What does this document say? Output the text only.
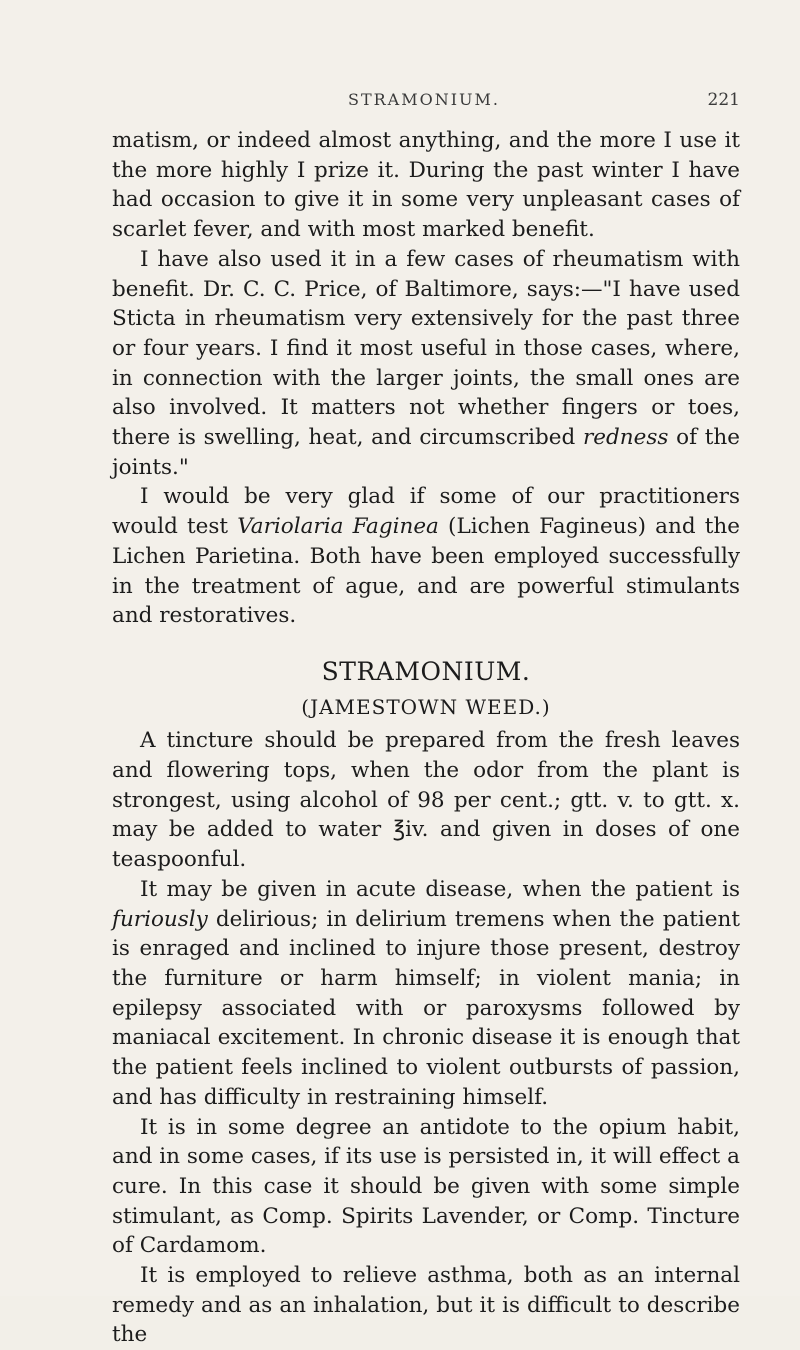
STRAMONIUM.	221

matism, or indeed almost anything, and the more I use it the more highly I prize it. During the past winter I have had occasion to give it in some very unpleasant cases of scarlet fever, and with most marked benefit.

I have also used it in a few cases of rheumatism with benefit. Dr. C. C. Price, of Baltimore, says:—"I have used Sticta in rheumatism very extensively for the past three or four years. I find it most useful in those cases, where, in connection with the larger joints, the small ones are also involved. It matters not whether fingers or toes, there is swelling, heat, and circumscribed redness of the joints."

I would be very glad if some of our practitioners would test Variolaria Faginea (Lichen Fagineus) and the Lichen Parietina. Both have been employed successfully in the treatment of ague, and are powerful stimulants and restoratives.

STRAMONIUM.
(JAMESTOWN WEED.)

A tincture should be prepared from the fresh leaves and flowering tops, when the odor from the plant is strongest, using alcohol of 98 per cent.; gtt. v. to gtt. x. may be added to water ℥iv. and given in doses of one teaspoonful.

It may be given in acute disease, when the patient is furiously delirious; in delirium tremens when the patient is enraged and inclined to injure those present, destroy the furniture or harm himself; in violent mania; in epilepsy associated with or paroxysms followed by maniacal excitement. In chronic disease it is enough that the patient feels inclined to violent outbursts of passion, and has difficulty in restraining himself.

It is in some degree an antidote to the opium habit, and in some cases, if its use is persisted in, it will effect a cure. In this case it should be given with some simple stimulant, as Comp. Spirits Lavender, or Comp. Tincture of Cardamom.

It is employed to relieve asthma, both as an internal remedy and as an inhalation, but it is difficult to describe the
